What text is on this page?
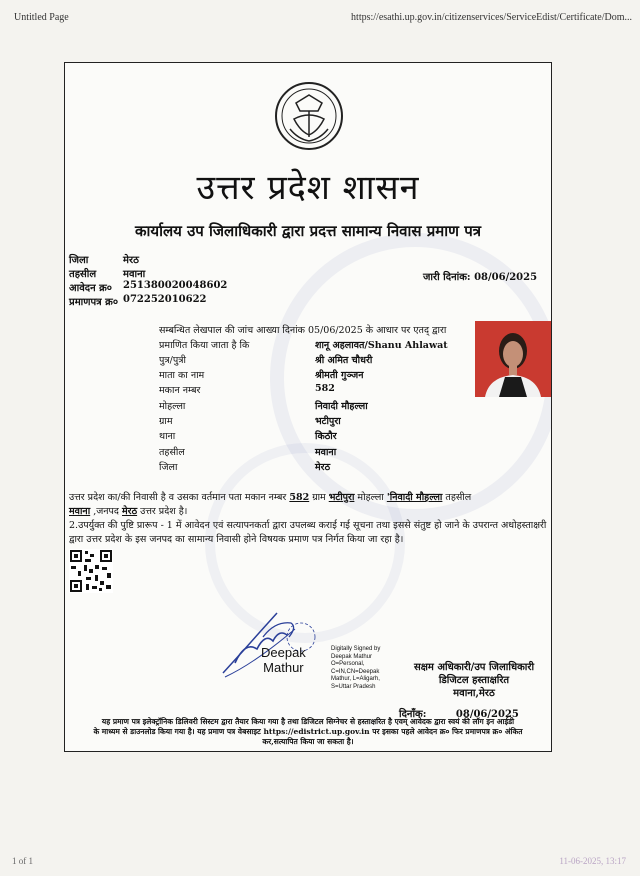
Untitled Page	https://esathi.up.gov.in/citizenservices/ServiceEdist/Certificate/Dom...
उत्तर प्रदेश शासन
कार्यालय उप जिलाधिकारी द्वारा प्रदत्त सामान्य निवास प्रमाण पत्र
जिला	मेरठ
तहसील	मवाना
आवेदन क्र०	251380020048602
प्रमाणपत्र क्र० 072252010622
जारी दिनांक: 08/06/2025
सम्बन्धित लेखपाल की जांच आख्या दिनांक 05/06/2025 के आधार पर एतद् द्वारा
प्रमाणित किया जाता है कि	शानू अहलावत/Shanu Ahlawat
पुत्र/पुत्री	श्री अमित चौधरी
माता का नाम	श्रीमती गुञ्जन
मकान नम्बर	582
मोहल्ला	निवादी मौहल्ला
ग्राम	भटीपुरा
थाना	किठौर
तहसील	मवाना
जिला	मेरठ
उत्तर प्रदेश का/की निवासी है व उसका वर्तमान पता मकान नम्बर 582 ग्राम भटीपुरा मोहल्ला 'निवादी मौहल्ला तहसील
मवाना ,जनपद मेरठ उत्तर प्रदेश है।
2.उपर्युक्त की पुष्टि प्रारूप - 1 में आवेदन एवं सत्यापनकर्ता द्वारा उपलब्ध कराई गई सूचना तथा इससे संतुष्ट हो जाने के उपरान्त अधोहस्ताक्षरी द्वारा उत्तर प्रदेश के इस जनपद का सामान्य निवासी होने विषयक प्रमाण पत्र निर्गत किया जा रहा है।
Deepak
Mathur
Digitally Signed by
Deepak Mathur
O=Personal,
C=IN,CN=Deepak
Mathur, L=Aligarh,
S=Uttar Pradesh
सक्षम अधिकारी/उप जिलाधिकारी
डिजिटल हस्ताक्षरित
मवाना,मेरठ
दिनाँक:	08/06/2025
यह प्रमाण पत्र इलेक्ट्रॉनिक डिलिवरी सिस्टम द्वारा तैयार किया गया है तथा डिजिटल सिग्नेचर से हस्ताक्षरित है एवम् आवेदक द्वारा स्वयं की लॉग इन आईडी
के माध्यम से डाउनलोड किया गया है। यह प्रमाण पत्र वेबसाइट https://edistrict.up.gov.in पर इसका पहले आवेदन क्र० फिर प्रमाणपत्र क्र० अंकित
कर,सत्यापित किया जा सकता है।
1 of 1	11-06-2025, 13:17
